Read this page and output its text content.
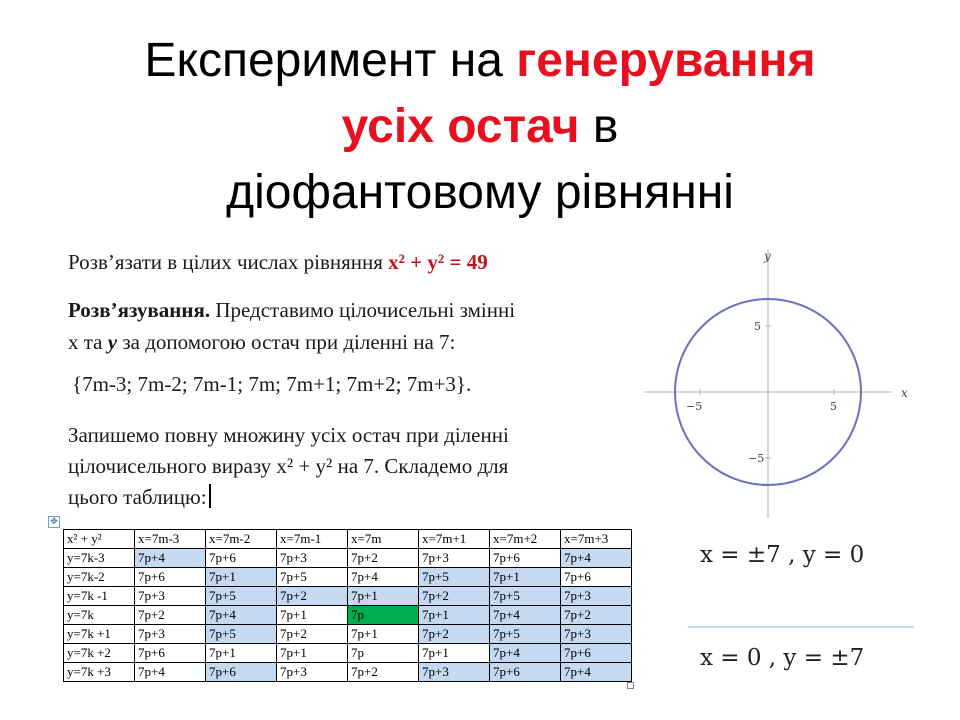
Експеримент на генерування
усіх остач в
діофантовому рівнянні
Розв’язати в цілих числах рівняння x² + y² = 49
Розв’язування. Представимо цілочисельні змінні
х та y за допомогою остач при діленні на 7:
{7m-3; 7m-2; 7m-1; 7m; 7m+1; 7m+2; 7m+3}.
Запишемо повну множину усіх остач при діленні
цілочисельного виразу x² + y² на 7. Складемо для
цього таблицю:
✥
x² + y²	x=7m-3	x=7m-2	x=7m-1	x=7m	x=7m+1	x=7m+2	x=7m+3
y=7k-3	7p+4	7p+6	7p+3	7p+2	7p+3	7p+6	7p+4
y=7k-2	7p+6	7p+1	7p+5	7p+4	7p+5	7p+1	7p+6
y=7k -1	7p+3	7p+5	7p+2	7p+1	7p+2	7p+5	7p+3
y=7k	7p+2	7p+4	7p+1	7p	7p+1	7p+4	7p+2
y=7k +1	7p+3	7p+5	7p+2	7p+1	7p+2	7p+5	7p+3
y=7k +2	7p+6	7p+1	7p+1	7p	7p+1	7p+4	7p+6
y=7k +3	7p+4	7p+6	7p+3	7p+2	7p+3	7p+6	7p+4
x
y
−5	5
5
−5
x = ±7 , y = 0
x = 0 , y = ±7
